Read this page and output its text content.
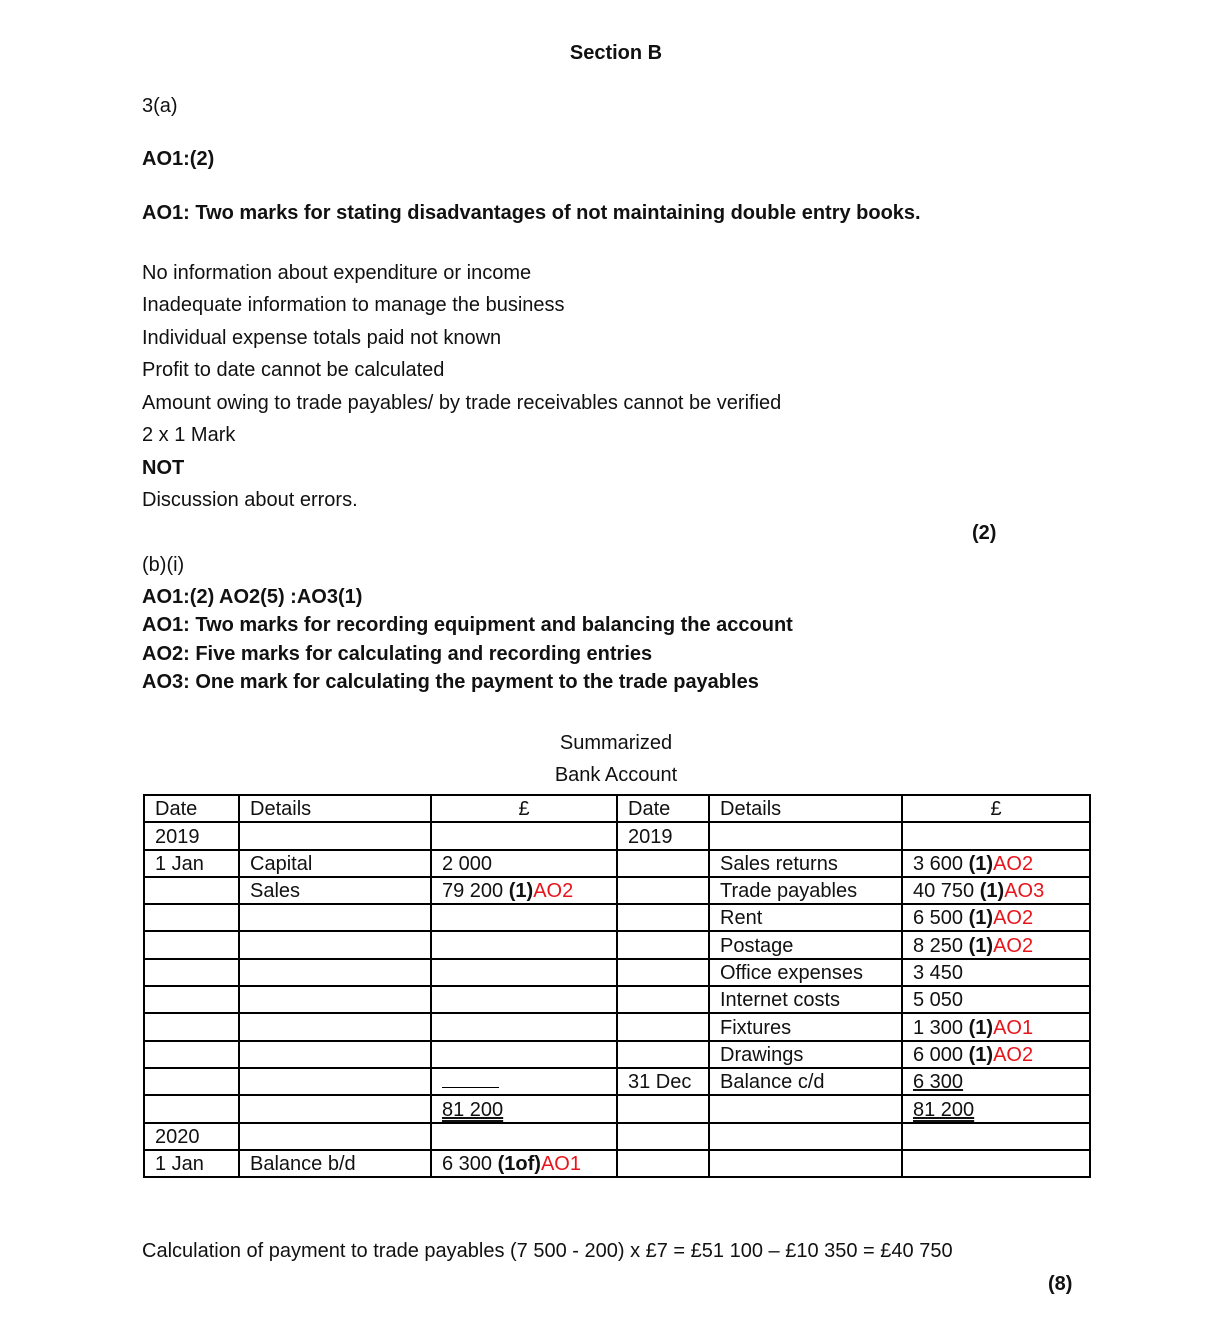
Section B
3(a)
AO1:(2)
AO1: Two marks for stating disadvantages of not maintaining double entry books.
No information about expenditure or income
Inadequate information to manage the business
Individual expense totals paid not known
Profit to date cannot be calculated
Amount owing to trade payables/ by trade receivables cannot be verified
2 x 1 Mark
NOT
Discussion about errors.
(2)
(b)(i)
AO1:(2) AO2(5) :AO3(1)
AO1: Two marks for recording equipment and balancing the account
AO2: Five marks for calculating and recording entries
AO3: One mark for calculating the payment to the trade payables
Summarized
Bank Account
Date	Details	£	Date	Details	£
2019			2019		
1 Jan	Capital	2 000		Sales returns	3 600 (1)AO2
	Sales	79 200 (1)AO2		Trade payables	40 750 (1)AO3
				Rent	6 500 (1)AO2
				Postage	8 250 (1)AO2
				Office expenses	3 450
				Internet costs	5 050
				Fixtures	1 300 (1)AO1
				Drawings	6 000 (1)AO2
			31 Dec	Balance c/d	6 300
		81 200			81 200
2020					
1 Jan	Balance b/d	6 300 (1of)AO1			
Calculation of payment to trade payables (7 500 - 200) x £7 = £51 100 – £10 350 = £40 750
(8)
